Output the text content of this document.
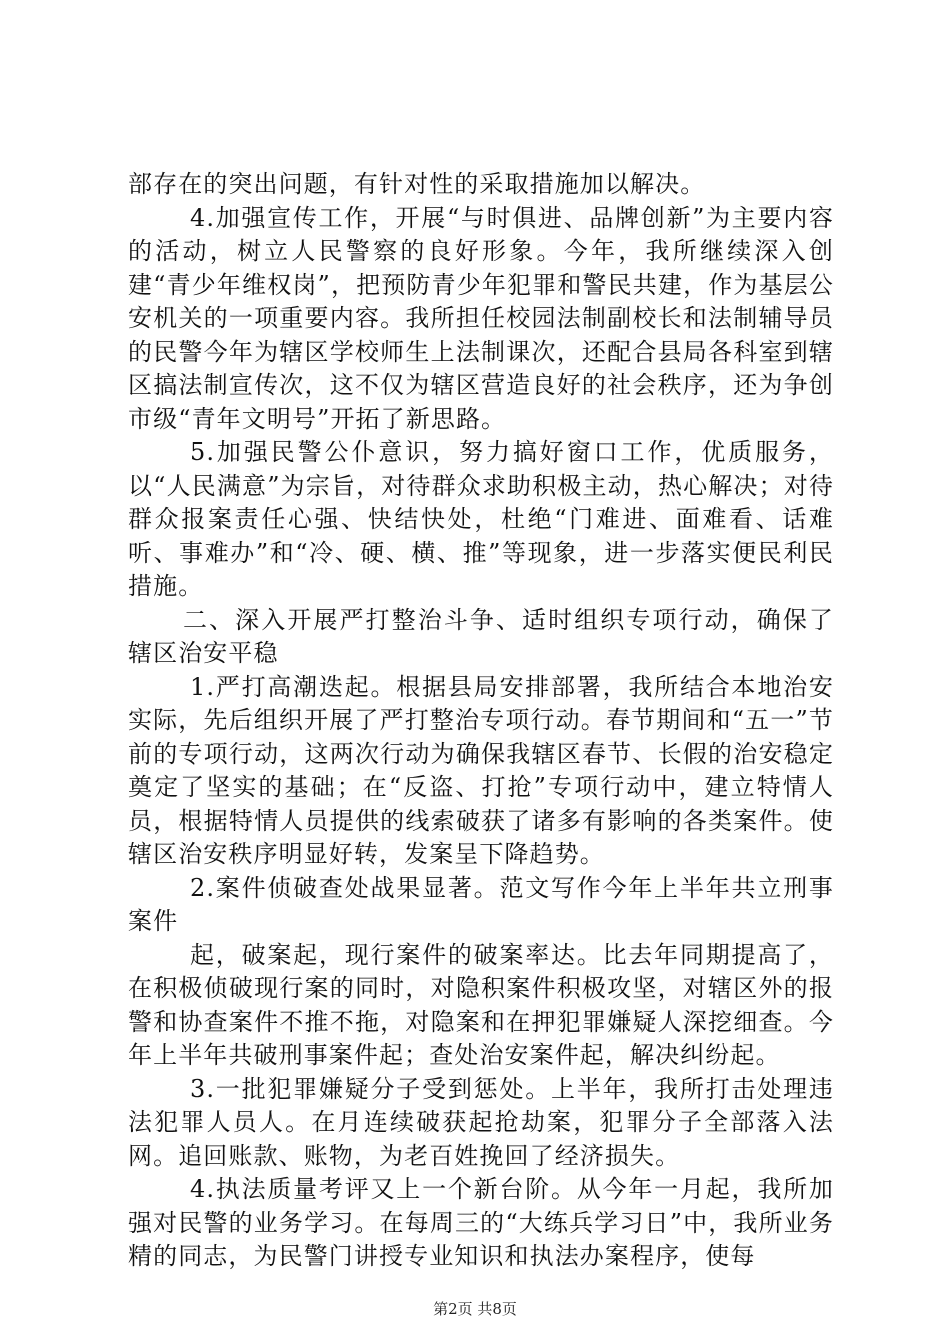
部存在的突出问题，有针对性的采取措施加以解决。

4.加强宣传工作，开展“与时俱进、品牌创新”为主要内容的活动，树立人民警察的良好形象。今年，我所继续深入创建“青少年维权岗”，把预防青少年犯罪和警民共建，作为基层公安机关的一项重要内容。我所担任校园法制副校长和法制辅导员的民警今年为辖区学校师生上法制课次，还配合县局各科室到辖区搞法制宣传次，这不仅为辖区营造良好的社会秩序，还为争创市级“青年文明号”开拓了新思路。

5.加强民警公仆意识，努力搞好窗口工作，优质服务，以“人民满意”为宗旨，对待群众求助积极主动，热心解决；对待群众报案责任心强、快结快处，杜绝“门难进、面难看、话难听、事难办”和“冷、硬、横、推”等现象，进一步落实便民利民措施。

二、深入开展严打整治斗争、适时组织专项行动，确保了辖区治安平稳

1.严打高潮迭起。根据县局安排部署，我所结合本地治安实际，先后组织开展了严打整治专项行动。春节期间和“五一”节前的专项行动，这两次行动为确保我辖区春节、长假的治安稳定奠定了坚实的基础；在“反盗、打抢”专项行动中，建立特情人员，根据特情人员提供的线索破获了诸多有影响的各类案件。使辖区治安秩序明显好转，发案呈下降趋势。

2.案件侦破查处战果显著。范文写作今年上半年共立刑事案件

起，破案起，现行案件的破案率达。比去年同期提高了，在积极侦破现行案的同时，对隐积案件积极攻坚，对辖区外的报警和协查案件不推不拖，对隐案和在押犯罪嫌疑人深挖细查。今年上半年共破刑事案件起；查处治安案件起，解决纠纷起。

3.一批犯罪嫌疑分子受到惩处。上半年，我所打击处理违法犯罪人员人。在月连续破获起抢劫案，犯罪分子全部落入法网。追回账款、账物，为老百姓挽回了经济损失。

4.执法质量考评又上一个新台阶。从今年一月起，我所加强对民警的业务学习。在每周三的“大练兵学习日”中，我所业务精的同志，为民警门讲授专业知识和执法办案程序，使每

第2页 共8页
